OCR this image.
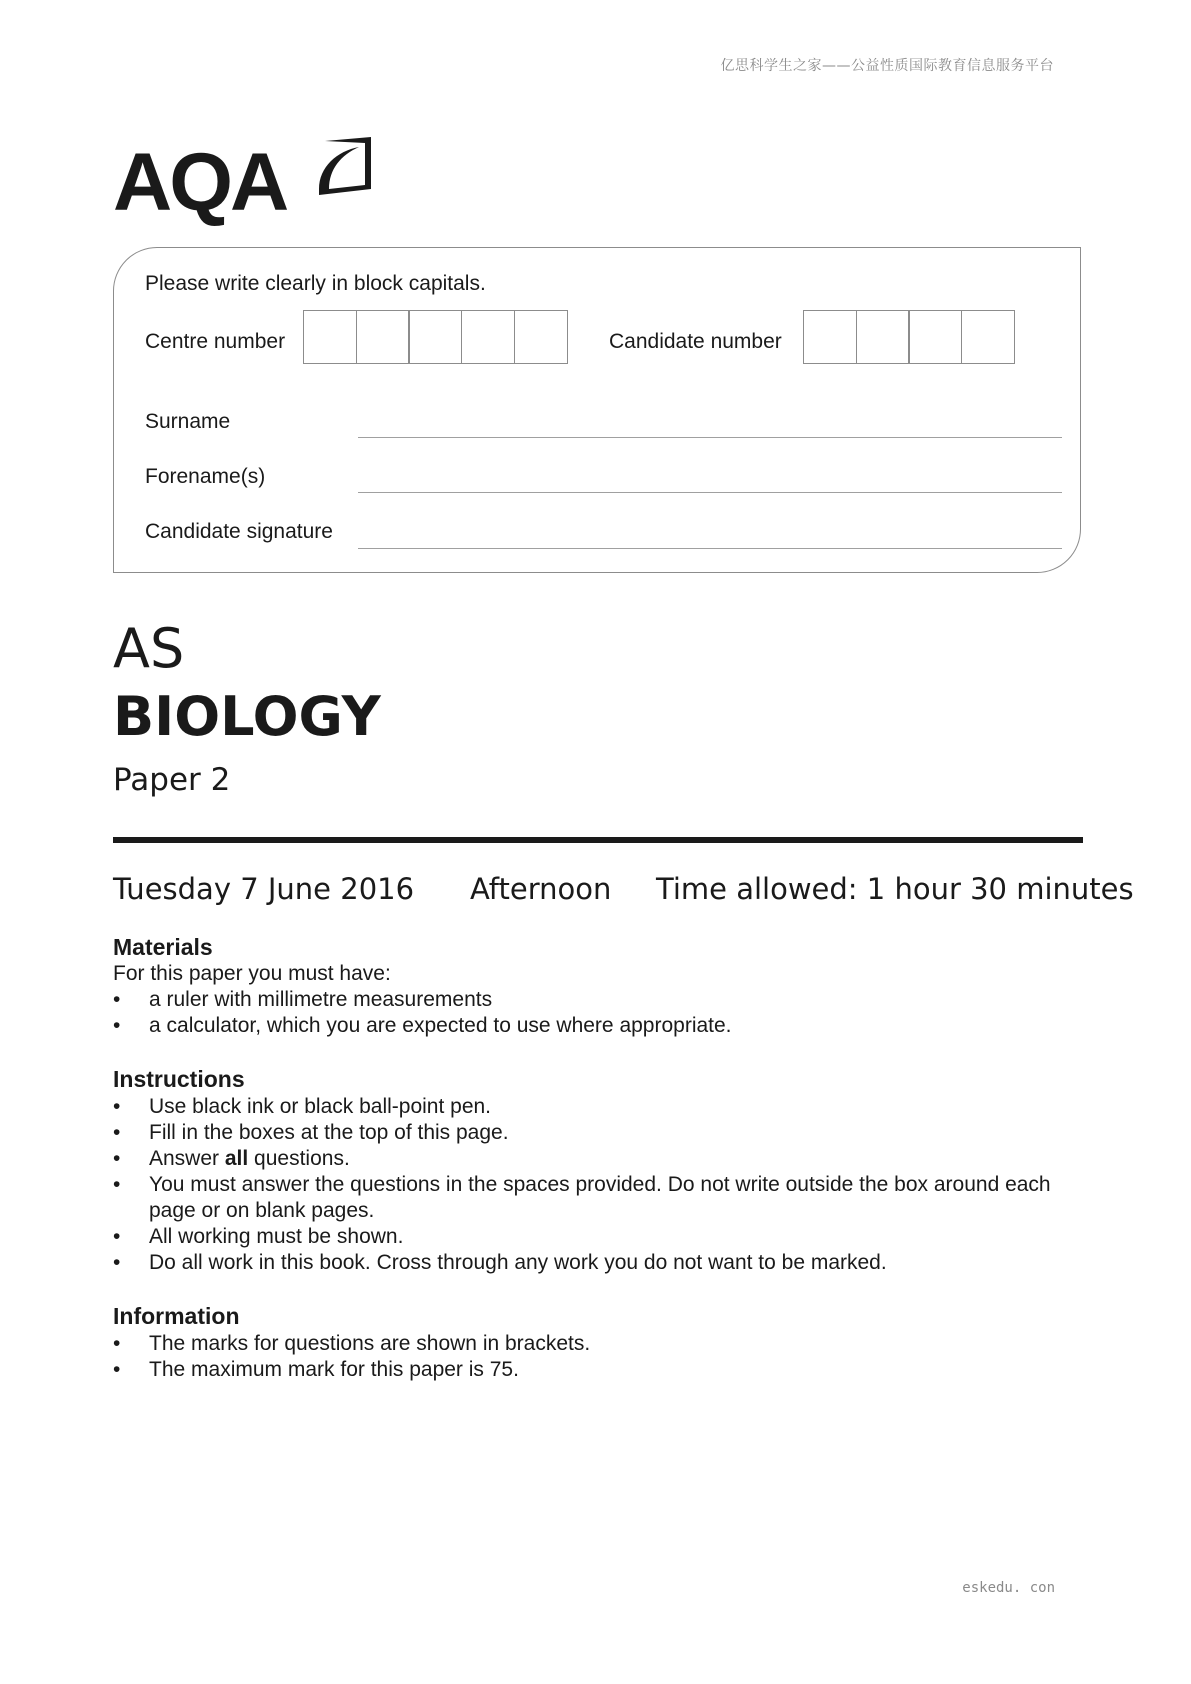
亿思科学生之家——公益性质国际教育信息服务平台
AQA
Please write clearly in block capitals.
Centre number	Candidate number
Surname
Forename(s)
Candidate signature
AS
BIOLOGY
Paper 2
Tuesday 7 June 2016 Afternoon Time allowed: 1 hour 30 minutes
Materials
For this paper you must have:
• a ruler with millimetre measurements
• a calculator, which you are expected to use where appropriate.
Instructions
• Use black ink or black ball-point pen.
• Fill in the boxes at the top of this page.
• Answer all questions.
• You must answer the questions in the spaces provided. Do not write outside the box around each page or on blank pages.
• All working must be shown.
• Do all work in this book. Cross through any work you do not want to be marked.
Information
• The marks for questions are shown in brackets.
• The maximum mark for this paper is 75.
eskedu. con
